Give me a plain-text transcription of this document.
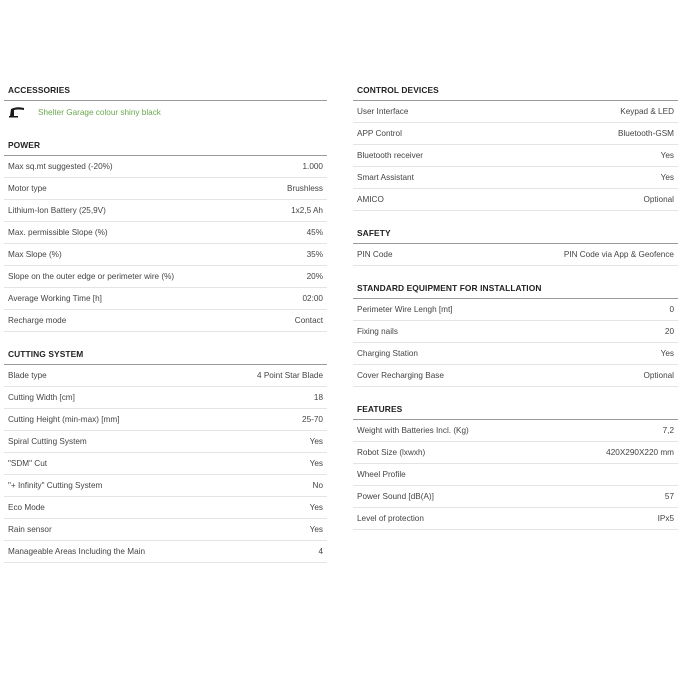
ACCESSORIES
Shelter Garage colour shiny black
POWER
Max sq.mt suggested (-20%)	1.000
Motor type	Brushless
Lithium-Ion Battery (25,9V)	1x2,5 Ah
Max. permissible Slope (%)	45%
Max Slope (%)	35%
Slope on the outer edge or perimeter wire (%)	20%
Average Working Time [h]	02:00
Recharge mode	Contact
CUTTING SYSTEM
Blade type	4 Point Star Blade
Cutting Width [cm]	18
Cutting Height (min-max) [mm]	25-70
Spiral Cutting System	Yes
"SDM" Cut	Yes
"+ Infinity" Cutting System	No
Eco Mode	Yes
Rain sensor	Yes
Manageable Areas Including the Main	4
CONTROL DEVICES
User Interface	Keypad & LED
APP Control	Bluetooth-GSM
Bluetooth receiver	Yes
Smart Assistant	Yes
AMICO	Optional
SAFETY
PIN Code	PIN Code via App & Geofence
STANDARD EQUIPMENT FOR INSTALLATION
Perimeter Wire Lengh [mt]	0
Fixing nails	20
Charging Station	Yes
Cover Recharging Base	Optional
FEATURES
Weight with Batteries Incl. (Kg)	7,2
Robot Size (lxwxh)	420X290X220 mm
Wheel Profile
Power Sound [dB(A)]	57
Level of protection	IPx5
